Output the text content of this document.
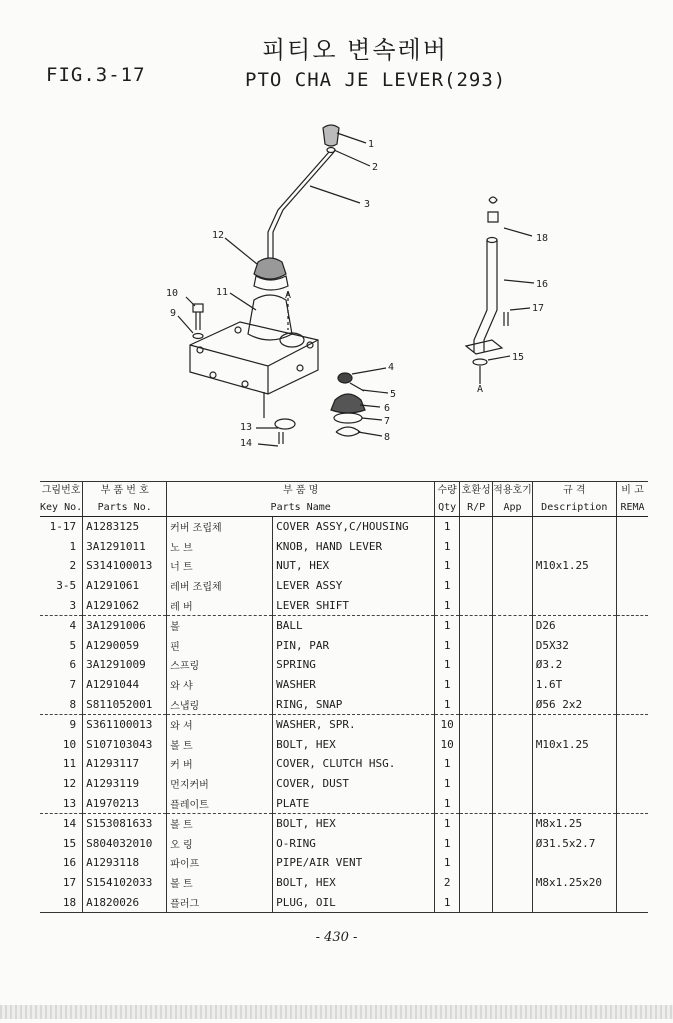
피티오 변속레버
FIG.3-17	PTO CHA JE LEVER(293)
1
2
3
4
5
6
7
8
9
10	11
12
13
14
15
16
17
18
A
A
그림번호	부 품 번 호	부 품 명		수량	호환성	적용호기	규 격	비 고
Key No.	Parts No.	Parts Name		Qty	R/P	App	Description	REMA
1-17	A1283125	커버 조립체	COVER ASSY,C/HOUSING	1				
1	3A1291011	노 브	KNOB, HAND LEVER	1				
2	S314100013	너 트	NUT, HEX	1			M10x1.25	
3-5	A1291061	레버 조립체	LEVER ASSY	1				
3	A1291062	레 버	LEVER SHIFT	1				
4	3A1291006	볼	BALL	1			D26	
5	A1290059	핀	PIN, PAR	1			D5X32	
6	3A1291009	스프링	SPRING	1			Ø3.2	
7	A1291044	와 샤	WASHER	1			1.6T	
8	S811052001	스냅링	RING, SNAP	1			Ø56 2x2	
9	S361100013	와 셔	WASHER, SPR.	10				
10	S107103043	볼 트	BOLT, HEX	10			M10x1.25	
11	A1293117	커 버	COVER, CLUTCH HSG.	1				
12	A1293119	먼지커버	COVER, DUST	1				
13	A1970213	플레이트	PLATE	1				
14	S153081633	볼 트	BOLT, HEX	1			M8x1.25	
15	S804032010	오 링	O-RING	1			Ø31.5x2.7	
16	A1293118	파이프	PIPE/AIR VENT	1				
17	S154102033	볼 트	BOLT, HEX	2			M8x1.25x20	
18	A1820026	플러그	PLUG, OIL	1				
- 430 -
